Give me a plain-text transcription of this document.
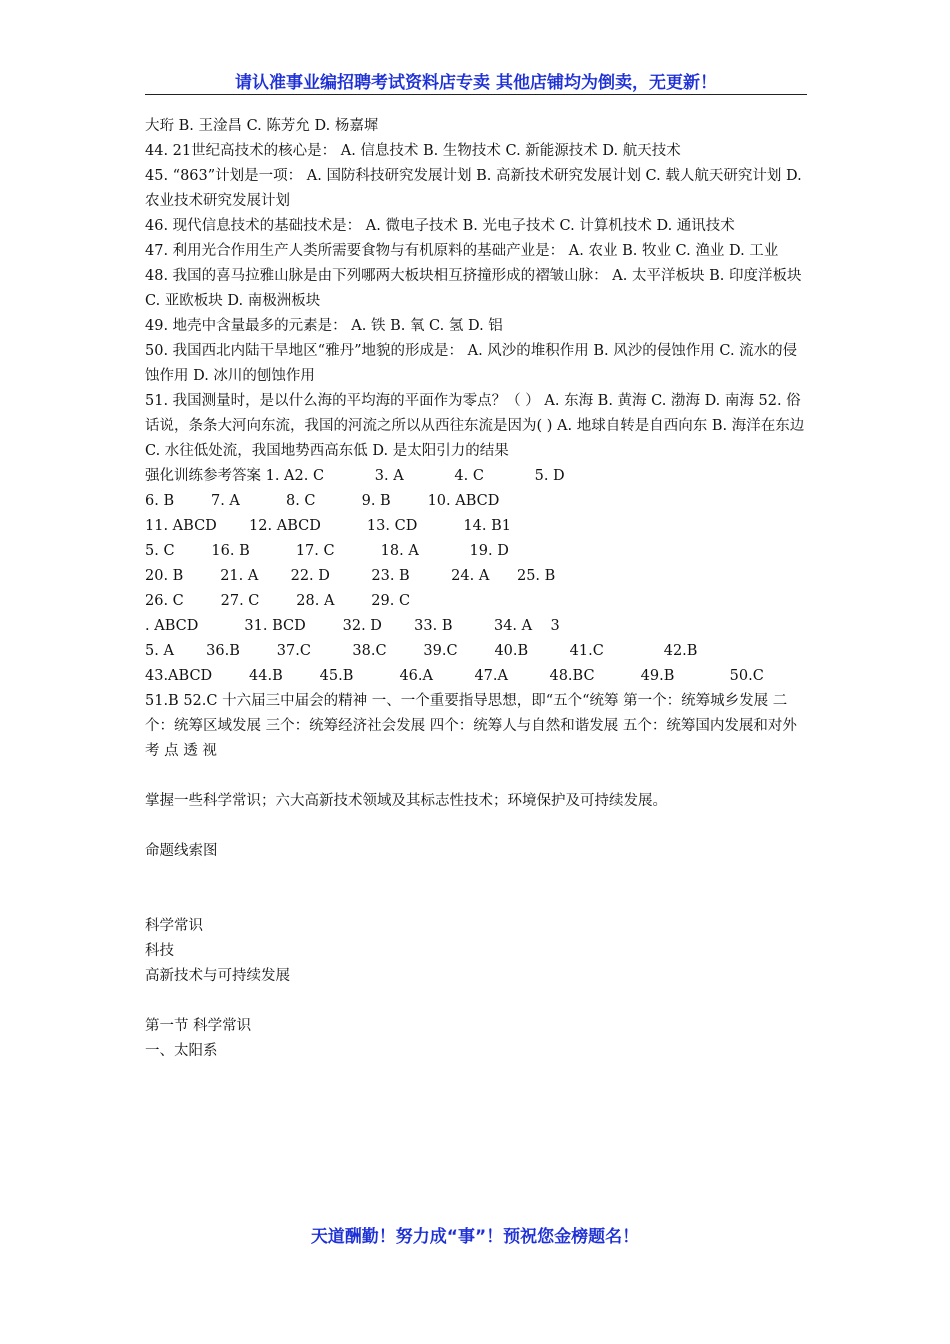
请认准事业编招聘考试资料店专卖 其他店铺均为倒卖，无更新！

大珩 B. 王淦昌 C. 陈芳允 D. 杨嘉墀

44. 21世纪高技术的核心是： A. 信息技术 B. 生物技术 C. 新能源技术 D. 航天技术

45. “863”计划是一项： A. 国防科技研究发展计划 B. 高新技术研究发展计划 C. 载人航天研究计划 D. 农业技术研究发展计划

46. 现代信息技术的基础技术是： A. 微电子技术 B. 光电子技术 C. 计算机技术 D. 通讯技术

47. 利用光合作用生产人类所需要食物与有机原料的基础产业是： A. 农业 B. 牧业 C. 渔业 D. 工业

48. 我国的喜马拉雅山脉是由下列哪两大板块相互挤撞形成的褶皱山脉： A. 太平洋板块 B. 印度洋板块 C. 亚欧板块 D. 南极洲板块

49. 地壳中含量最多的元素是： A. 铁 B. 氧 C. 氢 D. 铝

50. 我国西北内陆干旱地区“雅丹”地貌的形成是： A. 风沙的堆积作用 B. 风沙的侵蚀作用 C. 流水的侵蚀作用 D. 冰川的刨蚀作用

51. 我国测量时，是以什么海的平均海的平面作为零点？（ ） A. 东海 B. 黄海 C. 渤海 D. 南海 52. 俗话说，条条大河向东流，我国的河流之所以从西往东流是因为( ) A. 地球自转是自西向东 B. 海洋在东边 C. 水往低处流，我国地势西高东低 D. 是太阳引力的结果

强化训练参考答案 1. A2. C           3. A           4. C           5. D

6. B        7. A          8. C          9. B        10. ABCD

11. ABCD       12. ABCD          13. CD          14. B1

5. C        16. B          17. C          18. A           19. D

20. B        21. A       22. D         23. B         24. A      25. B

26. C        27. C        28. A        29. C

. ABCD          31. BCD        32. D       33. B         34. A    3

5. A       36.B        37.C         38.C        39.C        40.B         41.C             42.B

43.ABCD        44.B        45.B          46.A         47.A         48.BC          49.B            50.C

51.B 52.C 十六届三中届会的精神 一、一个重要指导思想，即“五个“统筹 第一个：统筹城乡发展 二个：统筹区域发展 三个：统筹经济社会发展 四个：统筹人与自然和谐发展 五个：统筹国内发展和对外

考 点 透 视

掌握一些科学常识；六大高新技术领域及其标志性技术；环境保护及可持续发展。

命题线索图

科学常识

科技

高新技术与可持续发展

第一节 科学常识

一、太阳系

天道酬勤！努力成“事”！预祝您金榜题名！
